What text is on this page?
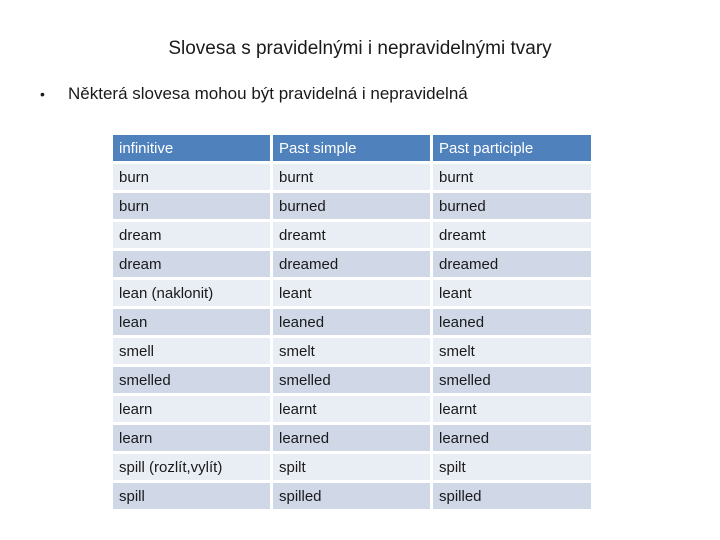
Slovesa s pravidelnými i nepravidelnými tvary
•	Některá slovesa mohou být pravidelná i nepravidelná
infinitive	Past simple	Past participle
burn	burnt	burnt
burn	burned	burned
dream	dreamt	dreamt
dream	dreamed	dreamed
lean (naklonit)	leant	leant
lean	leaned	leaned
smell	smelt	smelt
smelled	smelled	smelled
learn	learnt	learnt
learn	learned	learned
spill (rozlít,vylít)	spilt	spilt
spill	spilled	spilled
